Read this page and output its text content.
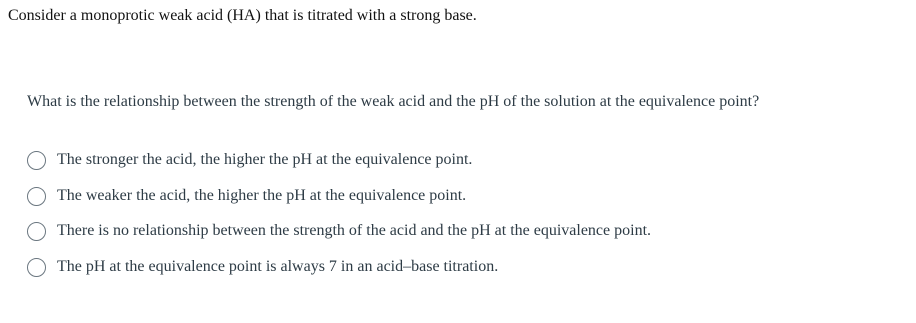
Consider a monoprotic weak acid (HA) that is titrated with a strong base.
What is the relationship between the strength of the weak acid and the pH of the solution at the equivalence point?
The stronger the acid, the higher the pH at the equivalence point.
The weaker the acid, the higher the pH at the equivalence point.
There is no relationship between the strength of the acid and the pH at the equivalence point.
The pH at the equivalence point is always 7 in an acid–base titration.
